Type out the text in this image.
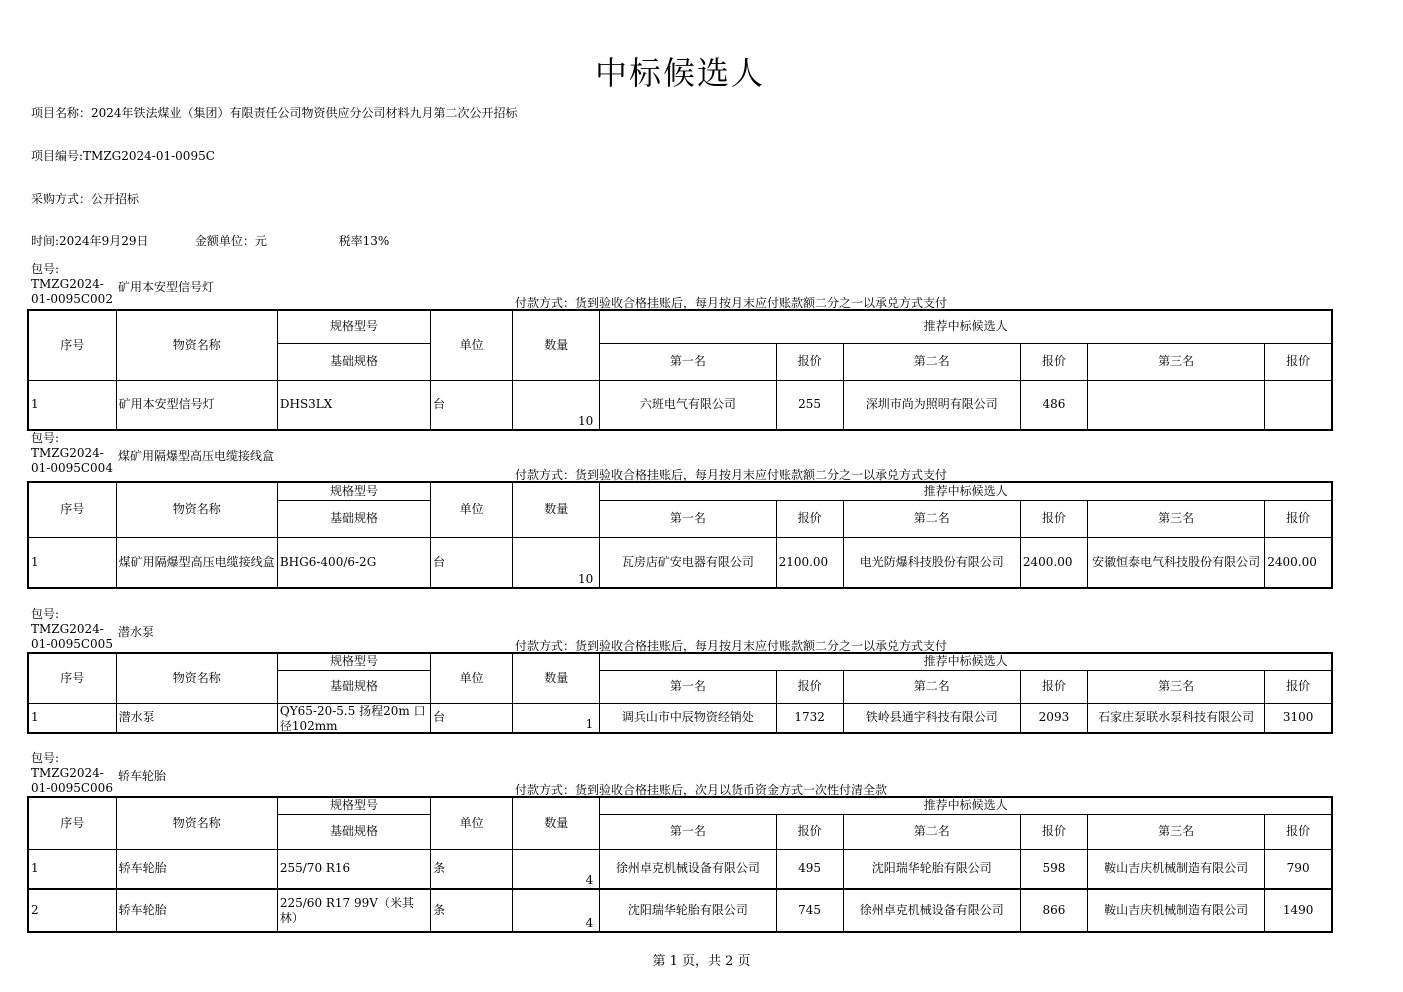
中标候选人
项目名称：2024年铁法煤业（集团）有限责任公司物资供应分公司材料九月第二次公开招标
项目编号:TMZG2024-01-0095C
采购方式：公开招标
时间:2024年9月29日	金额单位：元	税率13%
包号:
TMZG2024-
01-0095C002
矿用本安型信号灯
付款方式：货到验收合格挂账后，每月按月末应付账款额二分之一以承兑方式支付
序号	物资名称	规格型号	单位	数量	推荐中标候选人					
		基础规格			第一名	报价	第二名	报价	第三名	报价
1	矿用本安型信号灯	DHS3LX	台	10	六班电气有限公司	255	深圳市尚为照明有限公司	486		
包号:
TMZG2024-
01-0095C004
煤矿用隔爆型高压电缆接线盒
付款方式：货到验收合格挂账后，每月按月末应付账款额二分之一以承兑方式支付
序号	物资名称	规格型号	单位	数量	推荐中标候选人					
		基础规格			第一名	报价	第二名	报价	第三名	报价
1	煤矿用隔爆型高压电缆接线盒	BHG6-400/6-2G	台	10	瓦房店矿安电器有限公司	2100.00	电光防爆科技股份有限公司	2400.00	安徽恒泰电气科技股份有限公司	2400.00
包号:
TMZG2024-
01-0095C005
潜水泵
付款方式：货到验收合格挂账后，每月按月末应付账款额二分之一以承兑方式支付
序号	物资名称	规格型号	单位	数量	推荐中标候选人					
		基础规格			第一名	报价	第二名	报价	第三名	报价
1	潜水泵	QY65-20-5.5 扬程20m 口径102mm	台	1	调兵山市中辰物资经销处	1732	铁岭县通宇科技有限公司	2093	石家庄泵联水泵科技有限公司	3100
包号:
TMZG2024-
01-0095C006
轿车轮胎
付款方式：货到验收合格挂账后，次月以货币资金方式一次性付清全款
序号	物资名称	规格型号	单位	数量	推荐中标候选人					
		基础规格			第一名	报价	第二名	报价	第三名	报价
1	轿车轮胎	255/70 R16	条	4	徐州卓克机械设备有限公司	495	沈阳瑞华轮胎有限公司	598	鞍山吉庆机械制造有限公司	790
2	轿车轮胎	225/60 R17 99V（米其林）	条	4	沈阳瑞华轮胎有限公司	745	徐州卓克机械设备有限公司	866	鞍山吉庆机械制造有限公司	1490
第 1 页，共 2 页
